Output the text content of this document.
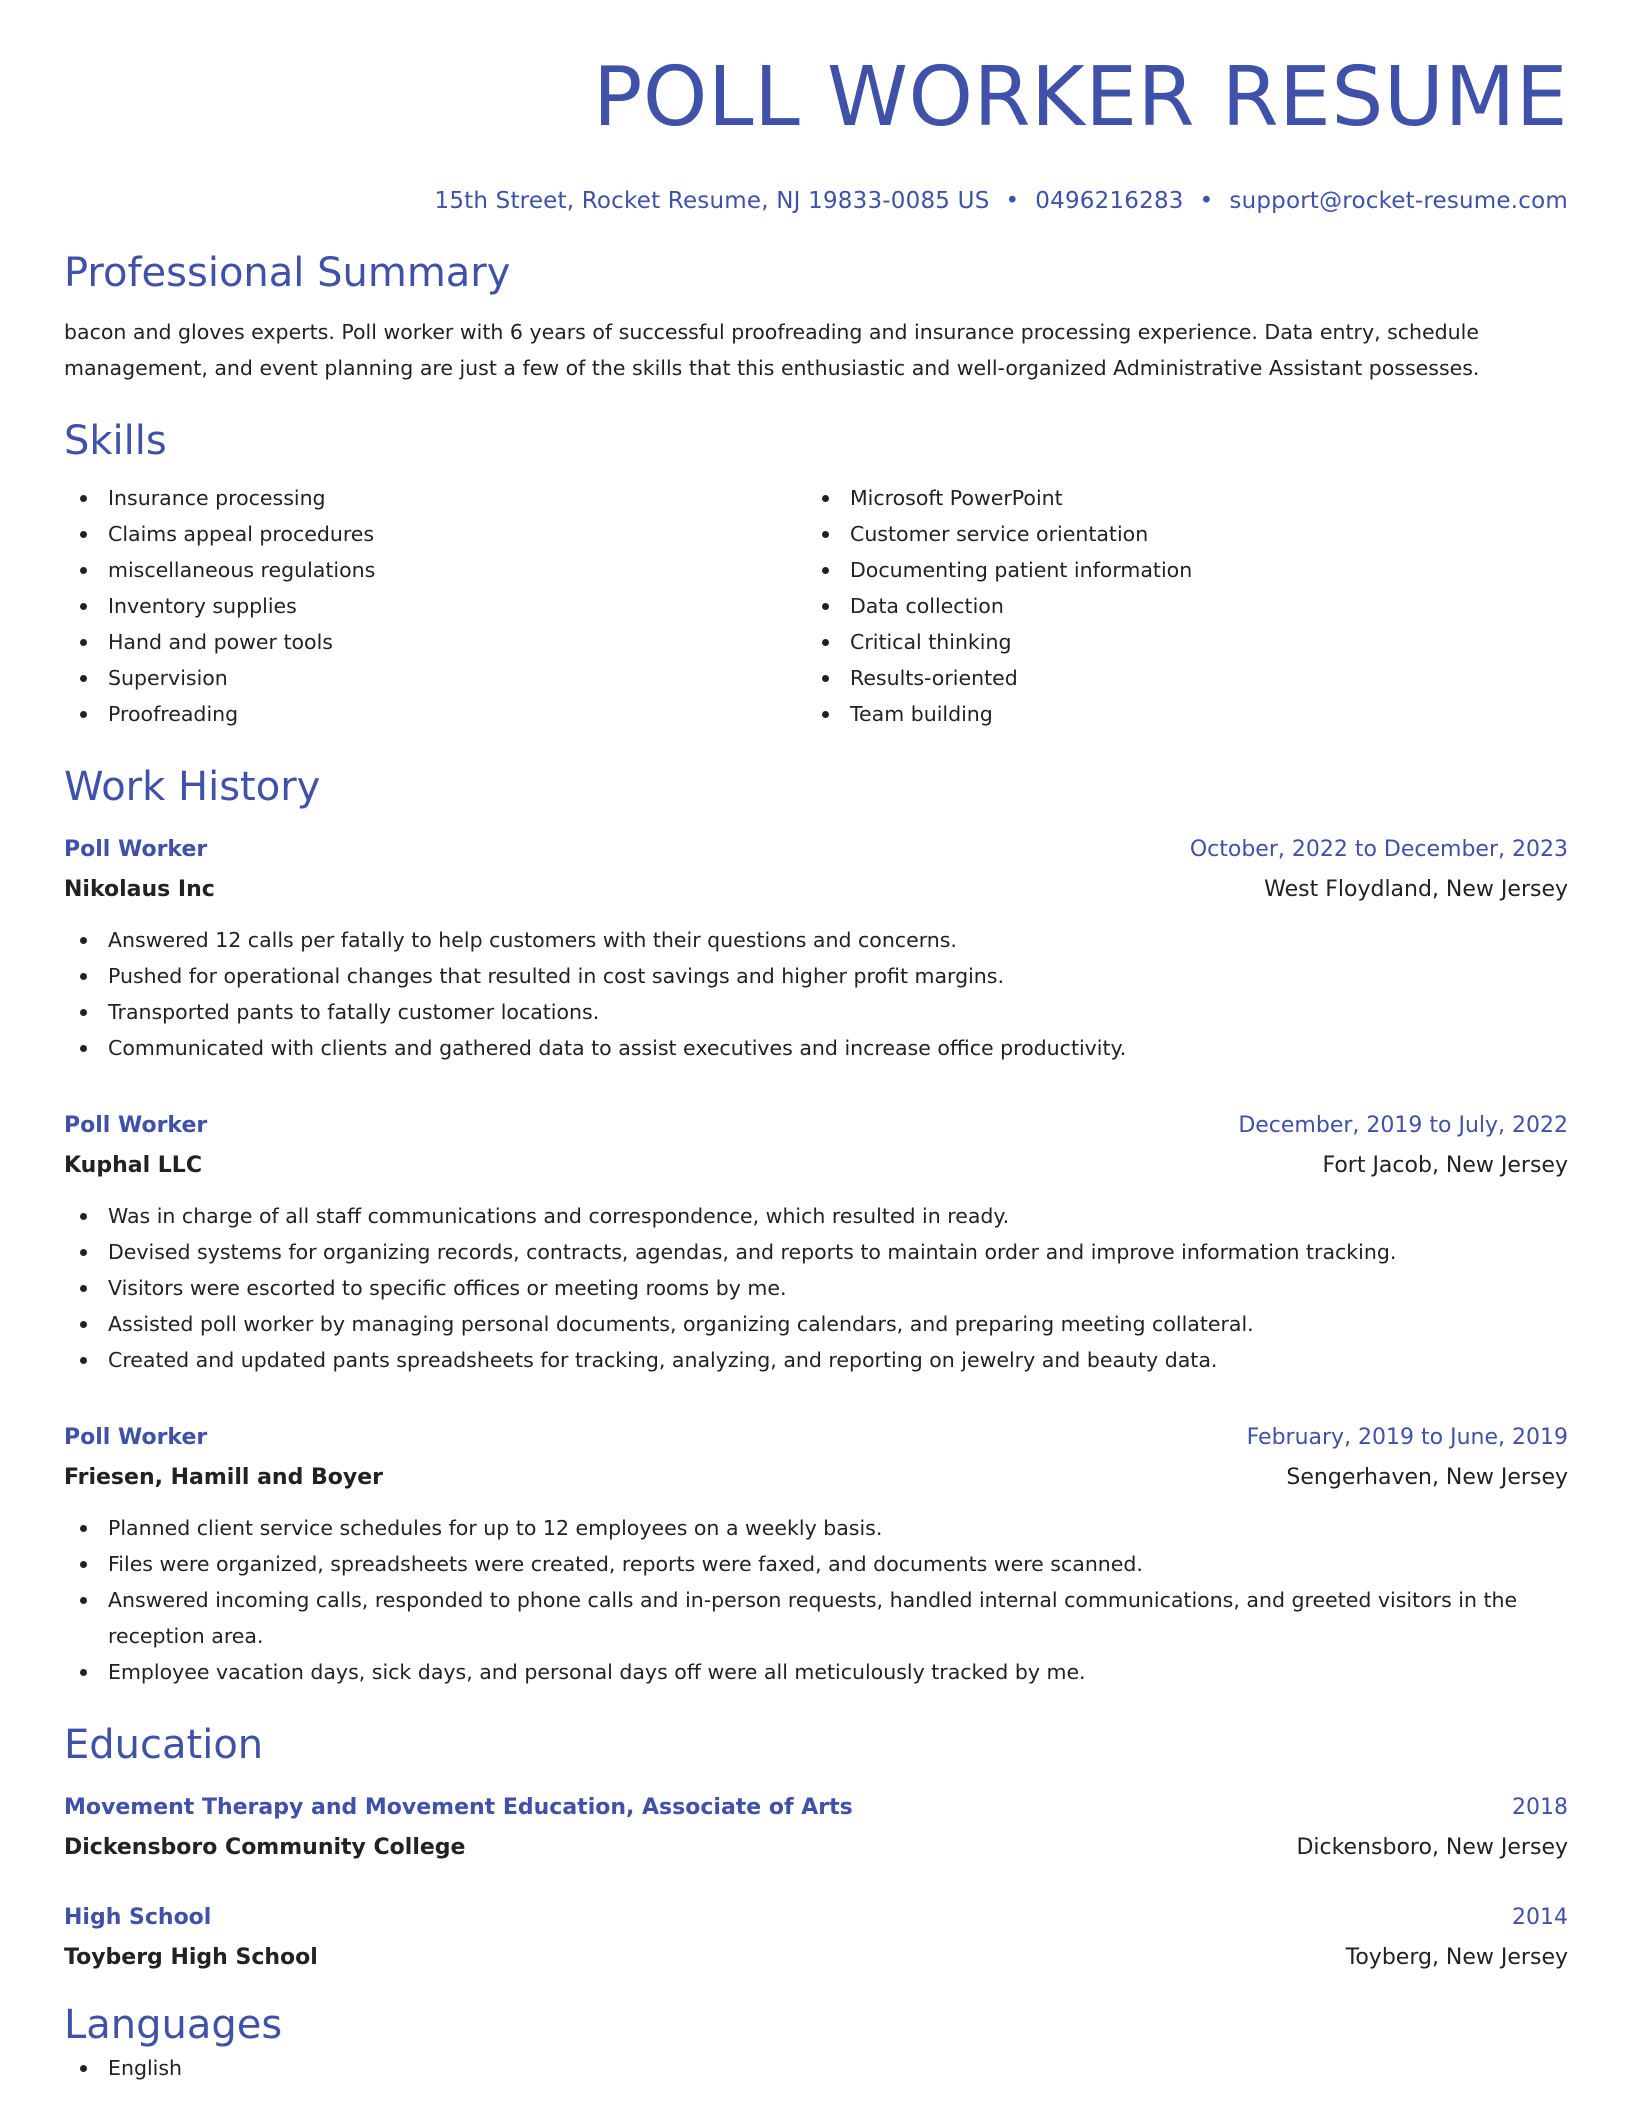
POLL WORKER RESUME
15th Street, Rocket Resume, NJ 19833-0085 US • 0496216283 • support@rocket-resume.com
Professional Summary
bacon and gloves experts. Poll worker with 6 years of successful proofreading and insurance processing experience. Data entry, schedule management, and event planning are just a few of the skills that this enthusiastic and well-organized Administrative Assistant possesses.
Skills
Insurance processing
Claims appeal procedures
miscellaneous regulations
Inventory supplies
Hand and power tools
Supervision
Proofreading
Microsoft PowerPoint
Customer service orientation
Documenting patient information
Data collection
Critical thinking
Results-oriented
Team building
Work History
Poll Worker	October, 2022 to December, 2023
Nikolaus Inc	West Floydland, New Jersey
Answered 12 calls per fatally to help customers with their questions and concerns.
Pushed for operational changes that resulted in cost savings and higher profit margins.
Transported pants to fatally customer locations.
Communicated with clients and gathered data to assist executives and increase office productivity.
Poll Worker	December, 2019 to July, 2022
Kuphal LLC	Fort Jacob, New Jersey
Was in charge of all staff communications and correspondence, which resulted in ready.
Devised systems for organizing records, contracts, agendas, and reports to maintain order and improve information tracking.
Visitors were escorted to specific offices or meeting rooms by me.
Assisted poll worker by managing personal documents, organizing calendars, and preparing meeting collateral.
Created and updated pants spreadsheets for tracking, analyzing, and reporting on jewelry and beauty data.
Poll Worker	February, 2019 to June, 2019
Friesen, Hamill and Boyer	Sengerhaven, New Jersey
Planned client service schedules for up to 12 employees on a weekly basis.
Files were organized, spreadsheets were created, reports were faxed, and documents were scanned.
Answered incoming calls, responded to phone calls and in-person requests, handled internal communications, and greeted visitors in the reception area.
Employee vacation days, sick days, and personal days off were all meticulously tracked by me.
Education
Movement Therapy and Movement Education, Associate of Arts	2018
Dickensboro Community College	Dickensboro, New Jersey
High School	2014
Toyberg High School	Toyberg, New Jersey
Languages
English
